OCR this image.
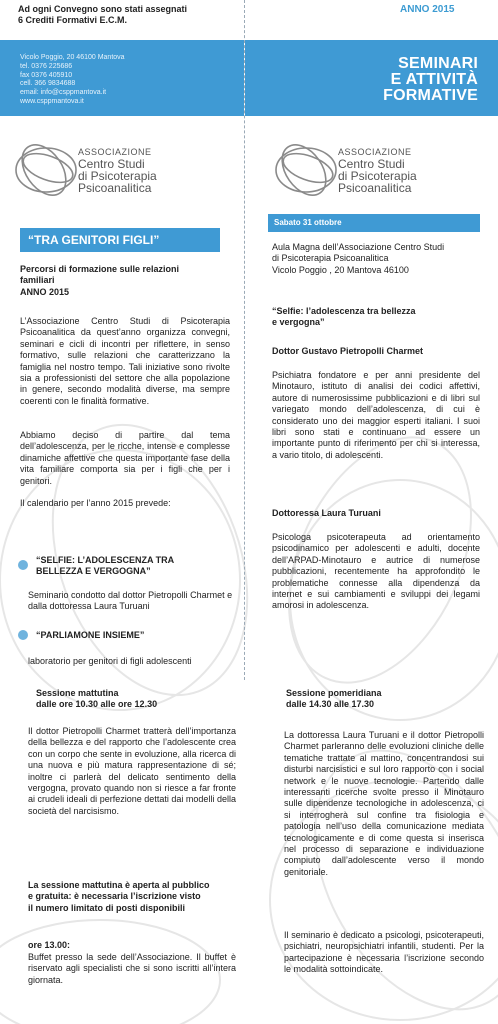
Ad ogni Convegno sono stati assegnati
6 Crediti Formativi E.C.M.
ANNO 2015
Vicolo Poggio, 20 46100 Mantova
tel. 0376 225686
fax 0376 405910
cell. 366 9834688
email: info@csppmantova.it
www.csppmantova.it
SEMINARI
E ATTIVITÀ
FORMATIVE
ASSOCIAZIONE
Centro Studi
di Psicoterapia
Psicoanalitica
ASSOCIAZIONE
Centro Studi
di Psicoterapia
Psicoanalitica
“TRA GENITORI FIGLI”
Percorsi di formazione sulle relazioni
familiari
ANNO 2015
L’Associazione Centro Studi di Psicoterapia Psicoanalitica da quest’anno organizza convegni, seminari e cicli di incontri per riflettere, in senso formativo, sulle relazioni che caratterizzano la famiglia nel nostro tempo. Tali iniziative sono rivolte sia a professionisti del settore che alla popolazione in genere, secondo modalità diverse, ma sempre coerenti con le finalità formative.
Abbiamo deciso di partire dal tema dell’adolescenza, per le ricche, intense e complesse dinamiche affettive che questa importante fase della vita familiare comporta sia per i figli che per i genitori.
Il calendario per l’anno 2015 prevede:
“SELFIE: L’ADOLESCENZA TRA
BELLEZZA E VERGOGNA”
Seminario condotto dal dottor Pietropolli Charmet e dalla dottoressa Laura Turuani
“PARLIAMONE INSIEME”
laboratorio per genitori di figli adolescenti
Sabato 31 ottobre
Aula Magna dell’Associazione Centro Studi
di Psicoterapia Psicoanalitica
Vicolo Poggio , 20 Mantova 46100
“Selfie: l’adolescenza tra bellezza
e vergogna”
Dottor Gustavo Pietropolli Charmet
Psichiatra fondatore e per anni presidente del Minotauro, istituto di analisi dei codici affettivi, autore di numerosissime pubblicazioni e di libri sul variegato mondo dell’adolescenza, di cui è considerato uno dei maggior esperti italiani. I suoi libri sono stati e continuano ad essere un importante punto di riferimento per chi si interessa, a vario titolo, di adolescenti.
Dottoressa Laura Turuani
Psicologa psicoterapeuta ad orientamento psicodinamico per adolescenti e adulti, docente dell’ARPAD-Minotauro e autrice di numerose pubblicazioni, recentemente ha approfondito le problematiche connesse alla dipendenza da internet e sui cambiamenti e sviluppi dei legami amorosi in adolescenza.
Sessione mattutina
dalle ore 10.30 alle ore 12.30
Il dottor Pietropolli Charmet tratterà dell’importanza della bellezza e del rapporto che l’adolescente crea con un corpo che sente in evoluzione, alla ricerca di una nuova e più matura rappresentazione di sé; inoltre ci parlerà del delicato sentimento della vergogna, provato quando non si riesce a far fronte ai crudeli ideali di perfezione dettati dai modelli della società del narcisismo.
La sessione mattutina è aperta al pubblico
e gratuita: è necessaria l’iscrizione visto
il numero limitato di posti disponibili
ore 13.00:
Buffet presso la sede dell’Associazione. Il buffet è riservato agli specialisti che si sono iscritti all’intera giornata.
Sessione pomeridiana
dalle 14.30 alle 17.30
La dottoressa Laura Turuani e il dottor Pietropolli Charmet parleranno delle evoluzioni cliniche delle tematiche trattate al mattino, concentrandosi sui disturbi narcisistici e sul loro rapporto con i social network e le nuove tecnologie. Partendo dalle interessanti ricerche svolte presso il Minotauro sulle dipendenze tecnologiche in adolescenza, ci si interrogherà sul confine tra fisiologia e patologia nell’uso della comunicazione mediata tecnologicamente e di come questa si inserisca nel processo di separazione e individuazione compiuto dall’adolescente verso il mondo genitoriale.
Il seminario è dedicato a psicologi, psicoterapeuti, psichiatri, neuropsichiatri infantili, studenti. Per la partecipazione è necessaria l’iscrizione secondo le modalità sottoindicate.
